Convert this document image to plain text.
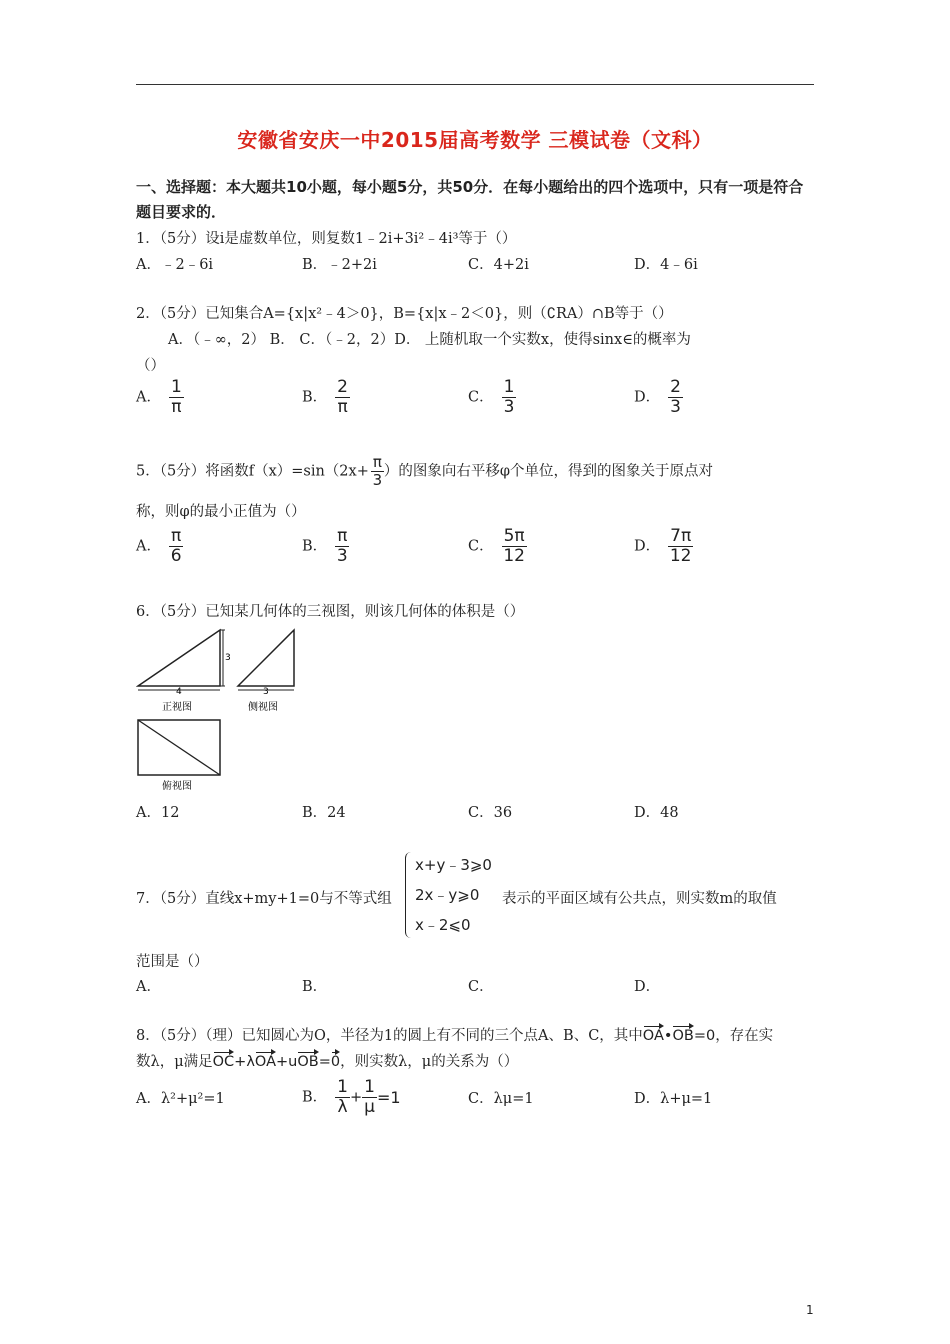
安徽省安庆一中2015届高考数学 三模试卷（文科）
一、选择题：本大题共10小题，每小题5分，共50分．在每小题给出的四个选项中，只有一项是符合题目要求的．
1．（5分）设i是虚数单位，则复数1﹣2i+3i²﹣4i³等于（）
A．﹣2﹣6i	B．﹣2+2i	C．4+2i	D．4﹣6i
2．（5分）已知集合A={x|x²﹣4＞0}，B={x|x﹣2＜0}，则（∁RA）∩B等于（）
A．（﹣∞，2） B． C．（﹣2，2）D． 上随机取一个实数x，使得sinx∈的概率为
（）
A． $\frac{1}{\pi}$	B． $\frac{2}{\pi}$	C． $\frac{1}{3}$	D． $\frac{2}{3}$
5．（5分）将函数$f(x)=\sin(2x+ \frac{\pi}{3}$ ）的图象向右平移φ个单位，得到的图象关于原点对
称，则φ的最小正值为（）
A． $\frac{\pi}{6}$	B． $\frac{\pi}{3}$	C． $\frac{5\pi}{12}$	D． $\frac{7\pi}{12}$
6．（5分）已知某几何体的三视图，则该几何体的体积是（）
3
4
正视图
3
侧视图
俯视图
A．12	B．24	C．36	D．48
7．（5分）直线x+my+1=0与不等式组
x+y﹣3⩾0
2x﹣y⩾0
x﹣2⩽0
表示的平面区域有公共点，则实数m的取值
范围是（）
A．	B．	C．	D．
8．（5分）（理）已知圆心为O，半径为1的圆上有不同的三个点A、B、C，其中OA•OB=0，存在实
数λ，μ满足OC+λOA+uOB=0，则实数λ，μ的关系为（）
A．λ²+μ²=1	B． $\frac{1}{\lambda} + \frac{1}{\mu} =1$	C．λμ=1	D．λ+μ=1
1
